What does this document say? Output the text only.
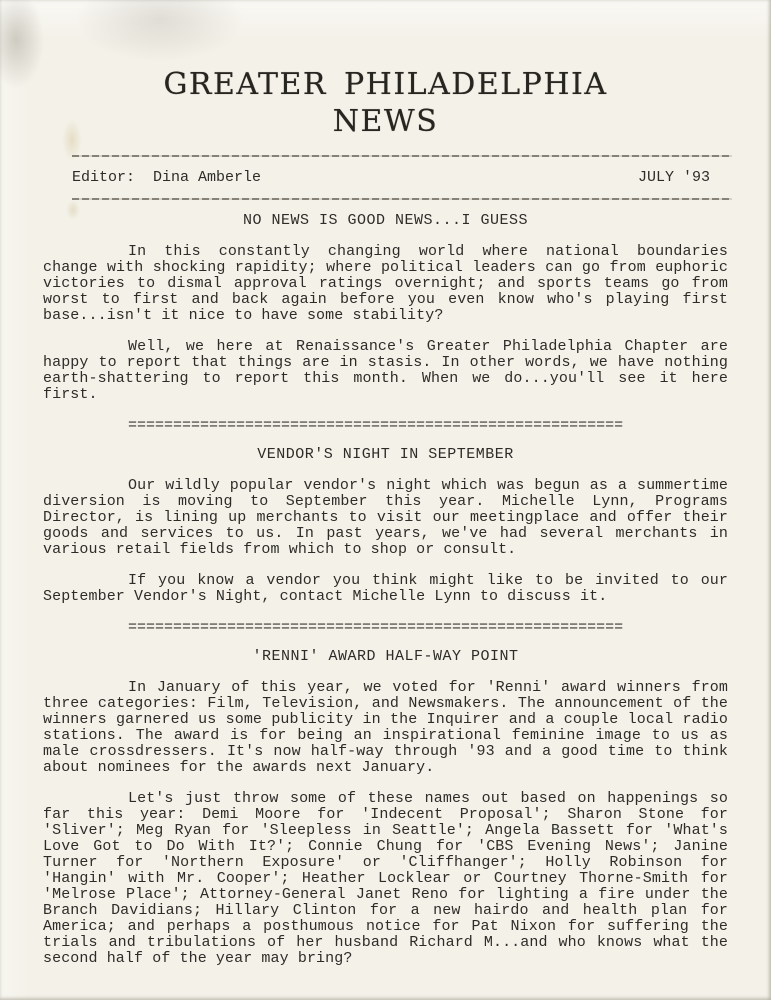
GREATER PHILADELPHIA
NEWS
Editor: Dina Amberle	JULY '93
NO NEWS IS GOOD NEWS...I GUESS

In this constantly changing world where national boundaries change with shocking rapidity; where political leaders can go from euphoric victories to dismal approval ratings overnight; and sports teams go from worst to first and back again before you even know who's playing first base...isn't it nice to have some stability?

Well, we here at Renaissance's Greater Philadelphia Chapter are happy to report that things are in stasis. In other words, we have nothing earth-shattering to report this month. When we do...you'll see it here first.

=======================================================
VENDOR'S NIGHT IN SEPTEMBER

Our wildly popular vendor's night which was begun as a summertime diversion is moving to September this year. Michelle Lynn, Programs Director, is lining up merchants to visit our meetingplace and offer their goods and services to us. In past years, we've had several merchants in various retail fields from which to shop or consult.

If you know a vendor you think might like to be invited to our September Vendor's Night, contact Michelle Lynn to discuss it.

=======================================================
'RENNI' AWARD HALF-WAY POINT

In January of this year, we voted for 'Renni' award winners from three categories: Film, Television, and Newsmakers. The announcement of the winners garnered us some publicity in the Inquirer and a couple local radio stations. The award is for being an inspirational feminine image to us as male crossdressers. It's now half-way through '93 and a good time to think about nominees for the awards next January.

Let's just throw some of these names out based on happenings so far this year: Demi Moore for 'Indecent Proposal'; Sharon Stone for 'Sliver'; Meg Ryan for 'Sleepless in Seattle'; Angela Bassett for 'What's Love Got to Do With It?'; Connie Chung for 'CBS Evening News'; Janine Turner for 'Northern Exposure' or 'Cliffhanger'; Holly Robinson for 'Hangin' with Mr. Cooper'; Heather Locklear or Courtney Thorne-Smith for 'Melrose Place'; Attorney-General Janet Reno for lighting a fire under the Branch Davidians; Hillary Clinton for a new hairdo and health plan for America; and perhaps a posthumous notice for Pat Nixon for suffering the trials and tribulations of her husband Richard M...and who knows what the second half of the year may bring?
